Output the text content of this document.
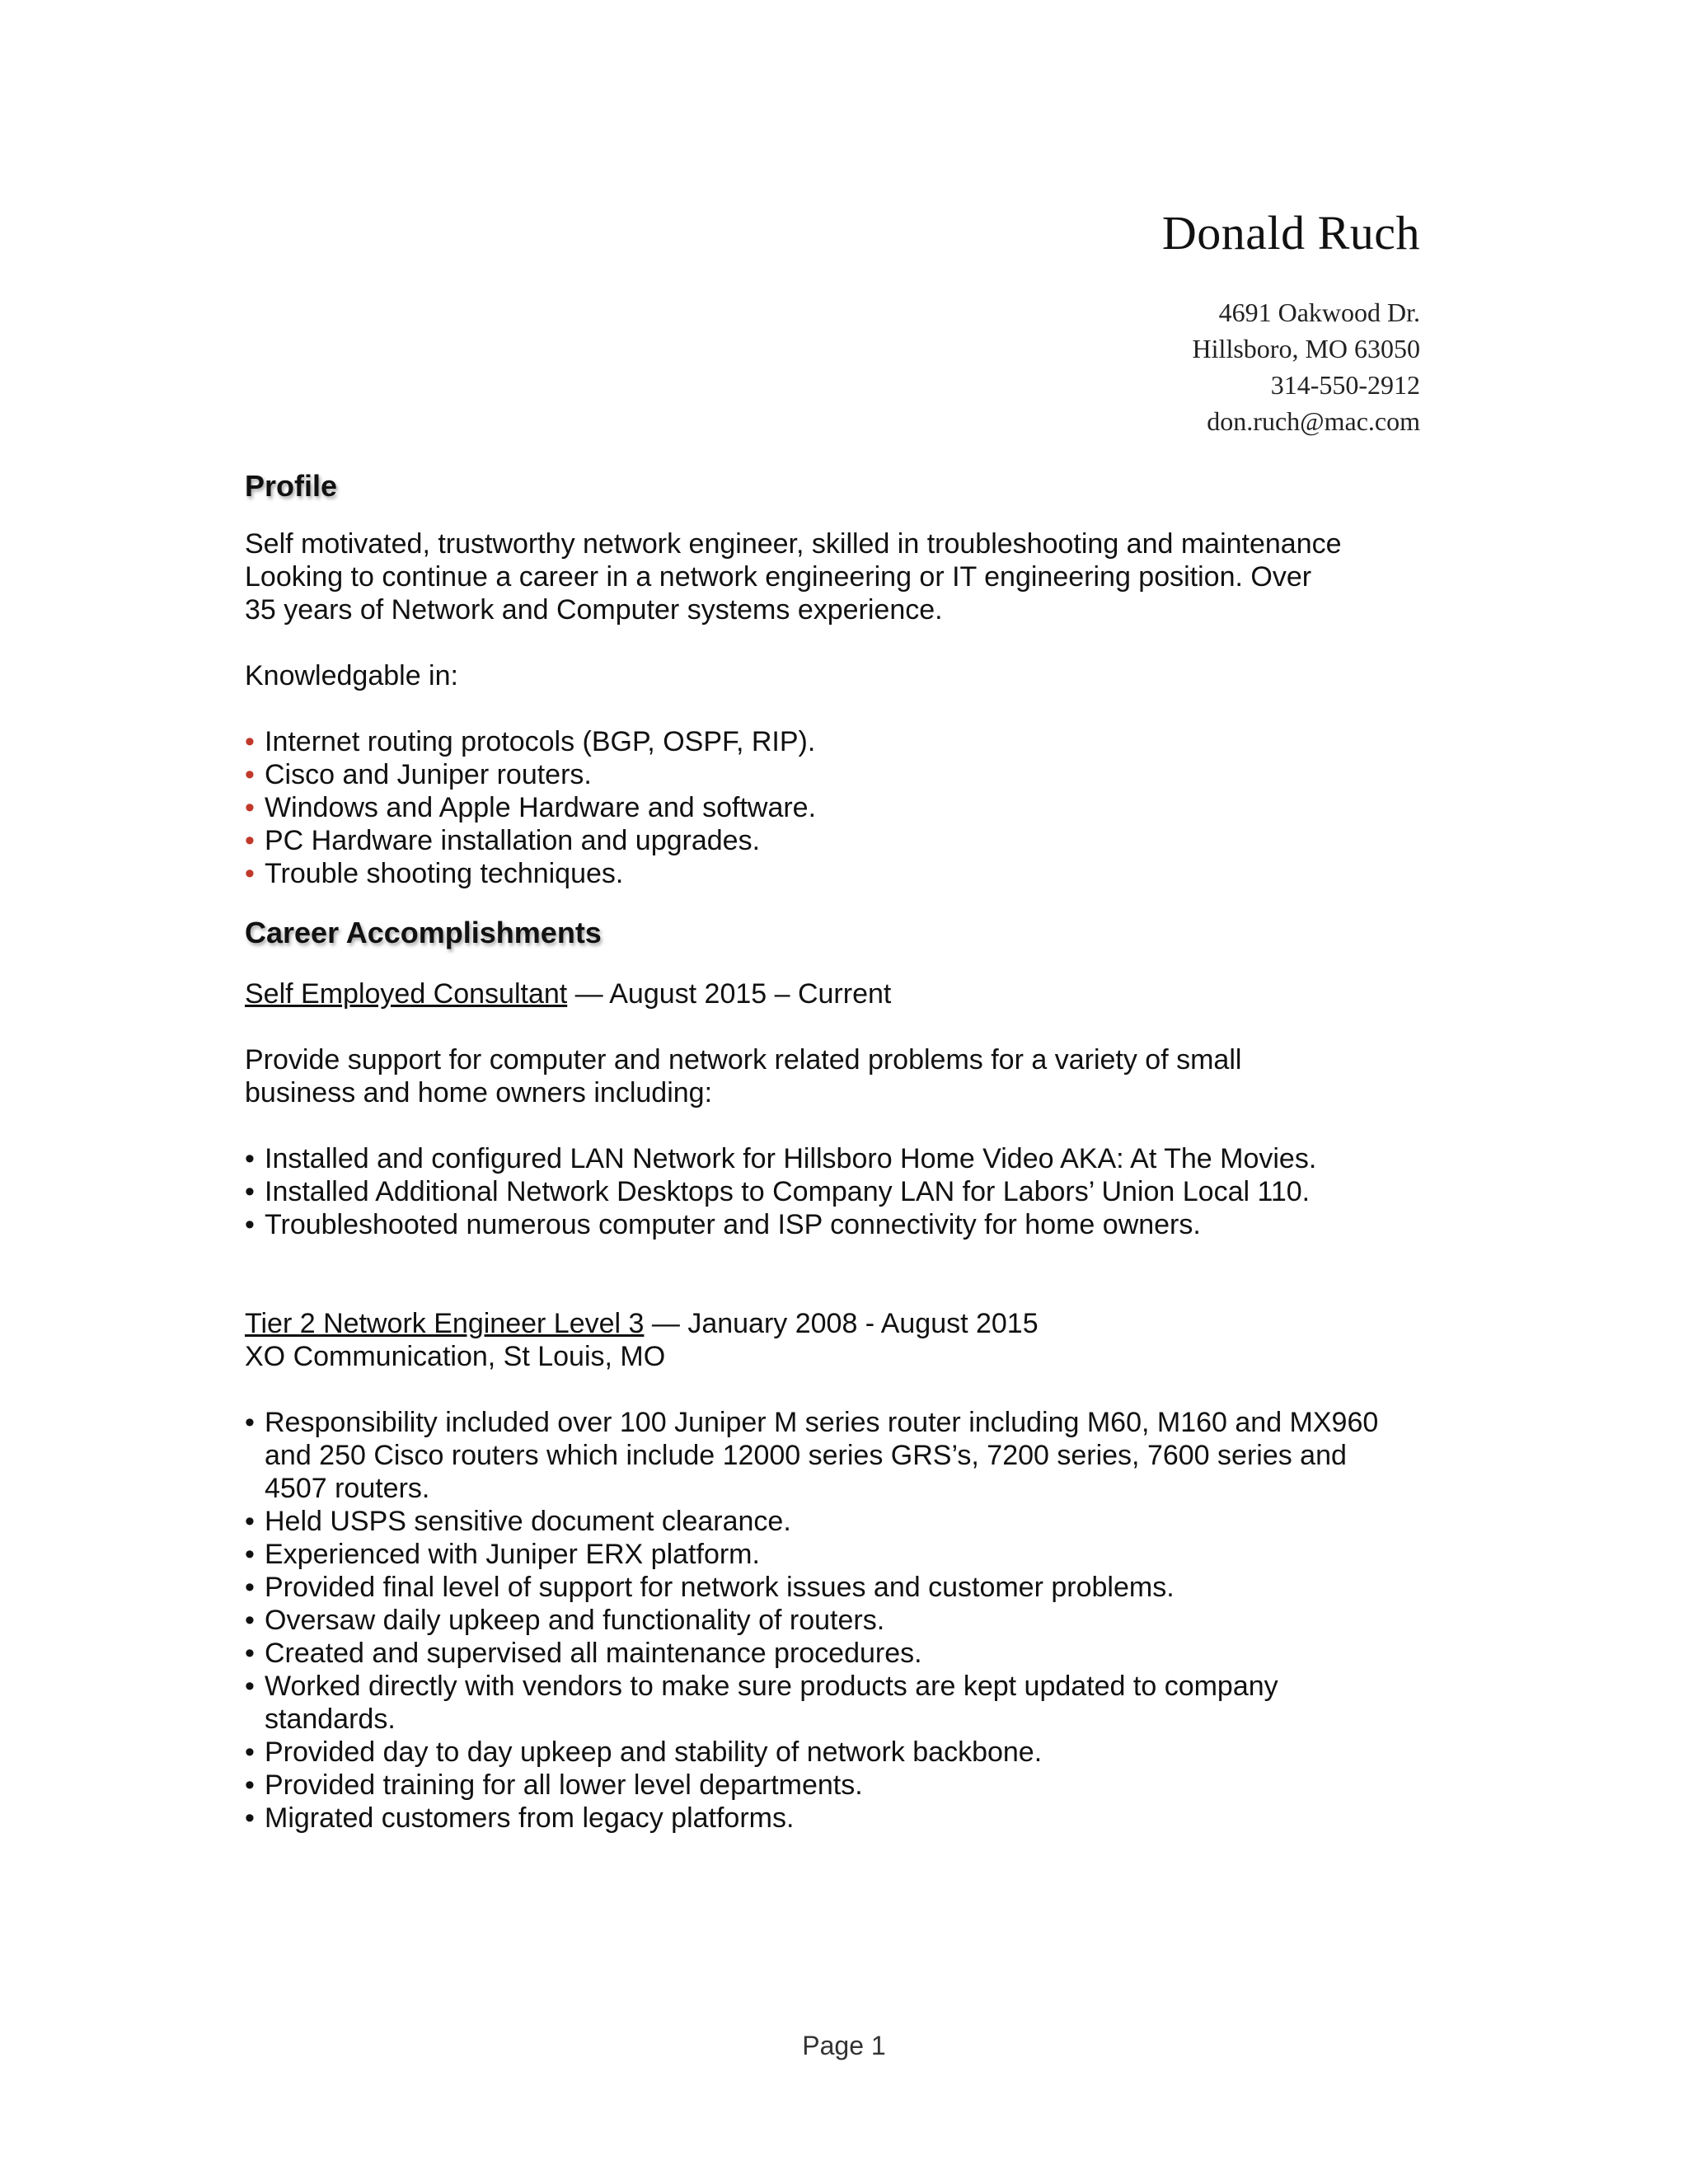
Donald Ruch
4691 Oakwood Dr.
Hillsboro, MO 63050
314-550-2912
don.ruch@mac.com
Profile

Self motivated, trustworthy network engineer, skilled in troubleshooting and maintenance
Looking to continue a career in a network engineering or IT engineering position. Over
35 years of Network and Computer systems experience.

Knowledgable in:

• Internet routing protocols (BGP, OSPF, RIP).
• Cisco and Juniper routers.
• Windows and Apple Hardware and software.
• PC Hardware installation and upgrades.
• Trouble shooting techniques.
Career Accomplishments

Self Employed Consultant — August 2015 – Current

Provide support for computer and network related problems for a variety of small
business and home owners including:

• Installed and configured LAN Network for Hillsboro Home Video AKA: At The Movies.
• Installed Additional Network Desktops to Company LAN for Labors’ Union Local 110.
• Troubleshooted numerous computer and ISP connectivity for home owners.

Tier 2 Network Engineer Level 3 — January 2008 - August 2015
XO Communication, St Louis, MO

• Responsibility included over 100 Juniper M series router including M60, M160 and MX960 and 250 Cisco routers which include 12000 series GRS’s, 7200 series, 7600 series and 4507 routers.
• Held USPS sensitive document clearance.
• Experienced with Juniper ERX platform.
• Provided final level of support for network issues and customer problems.
• Oversaw daily upkeep and functionality of routers.
• Created and supervised all maintenance procedures.
• Worked directly with vendors to make sure products are kept updated to company standards.
• Provided day to day upkeep and stability of network backbone.
• Provided training for all lower level departments.
• Migrated customers from legacy platforms.
Page 1
